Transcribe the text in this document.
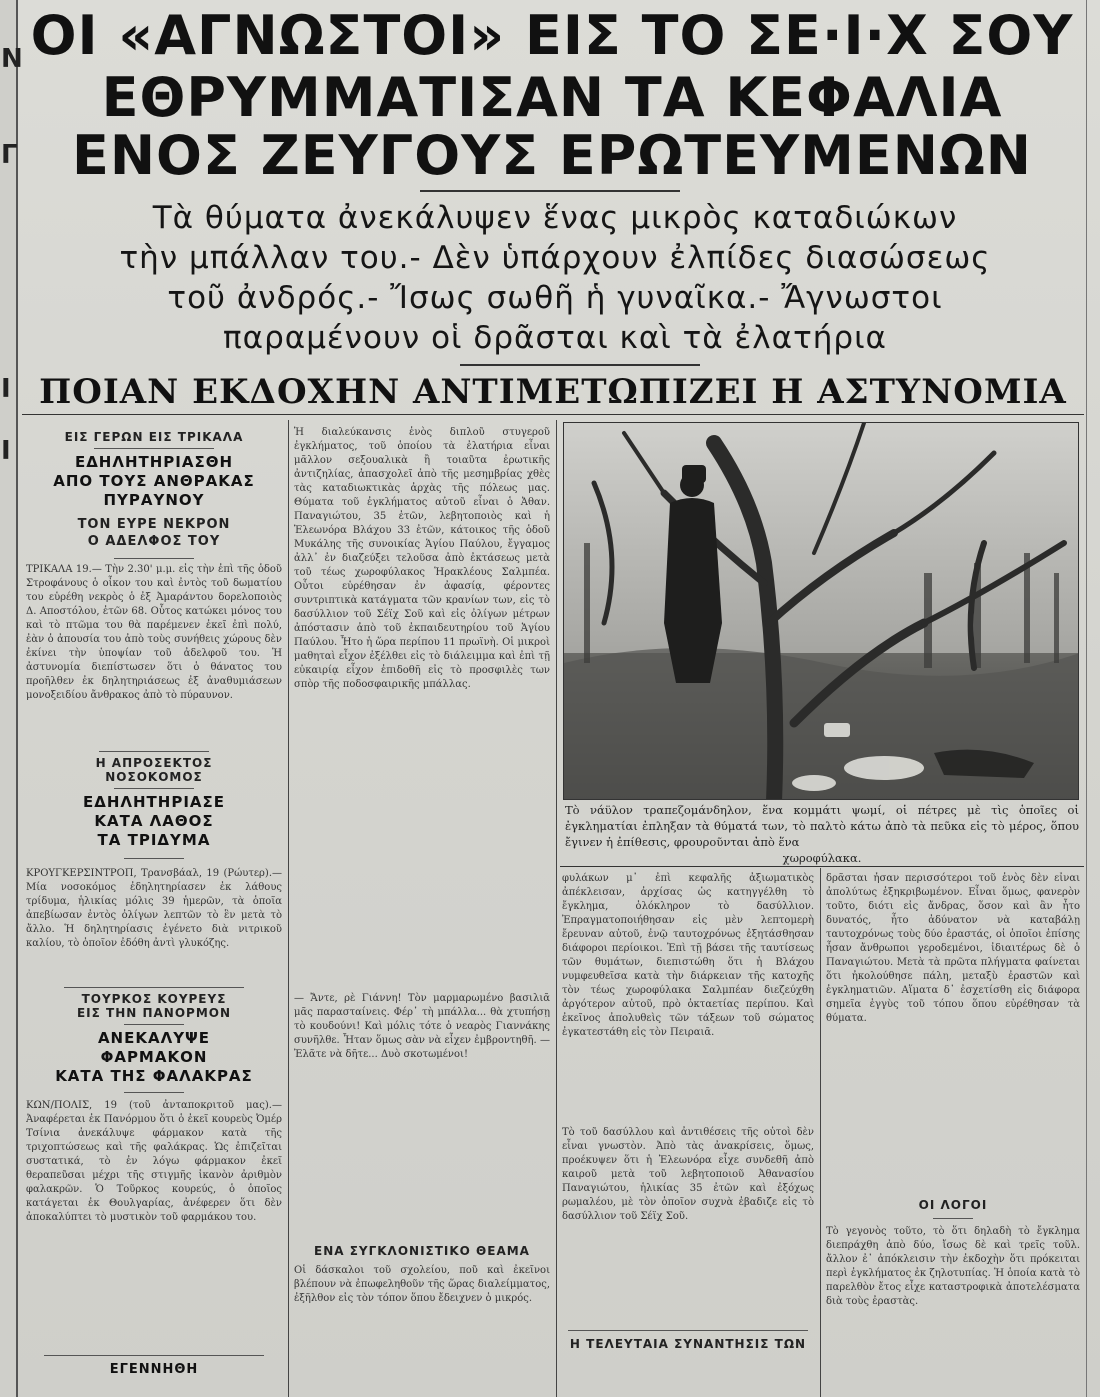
Ν
Γ
Ι
Ι
ΟΙ «ΑΓΝΩΣΤΟΙ» ΕΙΣ ΤΟ ΣΕ·Ι·Χ ΣΟΥ
ΕΘΡΥΜΜΑΤΙΣΑΝ ΤΑ ΚΕΦΑΛΙΑ
ΕΝΟΣ ΖΕΥΓΟΥΣ ΕΡΩΤΕΥΜΕΝΩΝ
Τὰ θύματα ἀνεκάλυψεν ἕνας μικρὸς καταδιώκων
τὴν μπάλλαν του.- Δὲν ὑπάρχουν ἐλπίδες διασώσεως
τοῦ ἀνδρός.- Ἴσως σωθῆ ἡ γυναῖκα.- Ἄγνωστοι
παραμένουν οἱ δρᾶσται καὶ τὰ ἐλατήρια
ΠΟΙΑΝ ΕΚΔΟΧΗΝ ΑΝΤΙΜΕΤΩΠΙΖΕΙ Η ΑΣΤΥΝΟΜΙΑ
ΕΙΣ ΓΕΡΩΝ ΕΙΣ ΤΡΙΚΑΛΑ
ΕΔΗΛΗΤΗΡΙΑΣΘΗ
ΑΠΟ ΤΟΥΣ ΑΝΘΡΑΚΑΣ
ΠΥΡΑΥΝΟΥ
ΤΟΝ ΕΥΡΕ ΝΕΚΡΟΝ
Ο ΑΔΕΛΦΟΣ ΤΟΥ
ΤΡΙΚΑΛΑ 19.— Τὴν 2.30' μ.μ. εἰς τὴν ἐπὶ τῆς ὁδοῦ Στροφάνους ὁ οἶκον του καὶ ἐντὸς τοῦ δωματίου του εὑρέθη νεκρὸς ὁ ἐξ Ἀμαράντου δορελοποιὸς Δ. Αποστόλου, ἐτῶν 68. Οὗτος κατώκει μόνος του καὶ τὸ πτῶμα του θὰ παρέμενεν ἐκεῖ ἐπὶ πολύ, ἐὰν ὁ ἀπουσία του ἀπὸ τοὺς συνήθεις χώρους δὲν ἐκίνει τὴν ὑποψίαν τοῦ ἀδελφοῦ του. Ἡ ἀστυνομία διεπίστωσεν ὅτι ὁ θάνατος του προῆλθεν ἐκ δηλητηριάσεως ἐξ ἀναθυμιάσεων μονοξειδίου ἄνθρακος ἀπὸ τὸ πύραυνον.
Η ΑΠΡΟΣΕΚΤΟΣ
ΝΟΣΟΚΟΜΟΣ
ΕΔΗΛΗΤΗΡΙΑΣΕ
ΚΑΤΑ ΛΑΘΟΣ
ΤΑ ΤΡΙΔΥΜΑ
ΚΡΟΥΓΚΕΡΣΙΝΤΡΟΠ, Τρανσβάαλ, 19 (Ρώυτερ).— Μία νοσοκόμος ἐδηλητηρίασεν ἐκ λάθους τρίδυμα, ἡλικίας μόλις 39 ἡμερῶν, τὰ ὁποῖα ἀπεβίωσαν ἐντὸς ὀλίγων λεπτῶν τὸ ἓν μετὰ τὸ ἄλλο. Ἡ δηλητηρίασις ἐγένετο διὰ νιτρικοῦ καλίου, τὸ ὁποῖον ἐδόθη ἀντὶ γλυκόζης.
ΤΟΥΡΚΟΣ ΚΟΥΡΕΥΣ
ΕΙΣ ΤΗΝ ΠΑΝΟΡΜΟΝ
ΑΝΕΚΑΛΥΨΕ
ΦΑΡΜΑΚΟΝ
ΚΑΤΑ ΤΗΣ ΦΑΛΑΚΡΑΣ
ΚΩΝ/ΠΟΛΙΣ, 19 (τοῦ ἀνταποκριτοῦ μας).— Ἀναφέρεται ἐκ Πανόρμου ὅτι ὁ ἐκεῖ κουρεὺς Ὀμέρ Τσίνια ἀνεκάλυψε φάρμακον κατὰ τῆς τριχοπτώσεως καὶ τῆς φαλάκρας. Ὡς ἐπιζεῖται συστατικά, τὸ ἐν λόγω φάρμακον ἐκεῖ θεραπεῦσαι μέχρι τῆς στιγμῆς ἱκανὸν ἀριθμὸν φαλακρῶν. Ὁ Τοῦρκος κουρεύς, ὁ ὁποῖος κατάγεται ἐκ Θουλγαρίας, ἀνέφερεν ὅτι δὲν ἀποκαλύπτει τὸ μυστικὸν τοῦ φαρμάκου του.
ΕΓΕΝΝΗΘΗ
Ἡ διαλεύκανσις ἑνὸς διπλοῦ στυγεροῦ ἐγκλήματος, τοῦ ὁποίου τὰ ἐλατήρια εἶναι μᾶλλον σεξουαλικὰ ἢ τοιαῦτα ἐρωτικῆς ἀντιζηλίας, ἀπασχολεῖ ἀπὸ τῆς μεσημβρίας χθὲς τὰς καταδιωκτικὰς ἀρχὰς τῆς πόλεως μας. Θύματα τοῦ ἐγκλήματος αὐτοῦ εἶναι ὁ Ἀθαν. Παναγιώτου, 35 ἐτῶν, λεβητοποιὸς καὶ ἡ Ἑλεωνόρα Βλάχου 33 ἐτῶν, κάτοικος τῆς ὁδοῦ Μυκάλης τῆς συνοικίας Ἁγίου Παύλου, ἔγγαμος ἀλλ᾽ ἐν διαζεύξει τελοῦσα ἀπὸ ἐκτάσεως μετὰ τοῦ τέως χωροφύλακος Ἡρακλέους Σαλμπέα. Οὗτοι εὑρέθησαν ἐν ἀφασίᾳ, φέροντες συντριπτικὰ κατάγματα τῶν κρανίων των, εἰς τὸ δασύλλιον τοῦ Σέϊχ Σοῦ καὶ εἰς ὀλίγων μέτρων ἀπόστασιν ἀπὸ τοῦ ἐκπαιδευτηρίου τοῦ Ἁγίου Παύλου. Ἦτο ἡ ὥρα περίπου 11 πρωϊνὴ. Οἱ μικροὶ μαθηταὶ εἶχον ἐξέλθει εἰς τὸ διάλειμμα καὶ ἐπὶ τῇ εὐκαιρίᾳ εἶχον ἐπιδοθῆ εἰς τὸ προσφιλὲς των σπὸρ τῆς ποδοσφαιρικῆς μπάλλας.
— Ἄντε, ρὲ Γιάννη! Τὸν μαρμαρωμένο βασιλιᾶ μᾶς παρασταίνεις. Φέρ᾽ τὴ μπάλλα... θὰ χτυπήσῃ τὸ κουδούνι! Καὶ μόλις τότε ὁ νεαρὸς Γιαννάκης συνῆλθε. Ἦταν ὅμως σὰν νὰ εἶχεν ἐμβροντηθῆ. — Ἐλᾶτε νὰ δῆτε... Δυὸ σκοτωμένοι!
ΕΝΑ ΣΥΓΚΛΟΝΙΣΤΙΚΟ ΘΕΑΜΑ
Οἱ δάσκαλοι τοῦ σχολείου, ποῦ καὶ ἐκεῖνοι βλέπουν νὰ ἐπωφεληθοῦν τῆς ὥρας διαλείμματος, ἐξῆλθον εἰς τὸν τόπον ὅπου ἔδειχνεν ὁ μικρός.
Τὸ νάϋλον τραπεζομάνδηλον, ἕνα κομμάτι ψωμί, οἱ πέτρες μὲ τὶς ὁποῖες οἱ ἐγκληματίαι ἐπληξαν τὰ θύματά των, τὸ παλτὸ κάτω ἀπὸ τὰ πεῦκα εἰς τὸ μέρος, ὅπου ἔγινεν ἡ ἐπίθεσις, φρουροῦνται ἀπὸ ἕνα
χωροφύλακα.
φυλάκων μ᾽ ἐπὶ κεφαλῆς ἀξιωματικὸς ἀπέκλεισαν, ἀρχίσας ὡς κατηγγέλθη τὸ ἔγκλημα, ὁλόκληρον τὸ δασύλλιον. Ἐπραγματοποιήθησαν εἰς μὲν λεπτομερὴ ἔρευναν αὐτοῦ, ἐνῷ ταυτοχρόνως ἐξητάσθησαν διάφοροι περίοικοι. Ἐπὶ τῇ βάσει τῆς ταυτίσεως τῶν θυμάτων, διεπιστώθη ὅτι ἡ Βλάχου νυμφευθεῖσα κατὰ τὴν διάρκειαν τῆς κατοχῆς τὸν τέως χωροφύλακα Σαλμπέαν διεζεύχθη ἀργότερον αὐτοῦ, πρὸ ὀκταετίας περίπου. Καὶ ἐκεῖνος ἀπολυθεὶς τῶν τάξεων τοῦ σώματος ἐγκατεστάθη εἰς τὸν Πειραιᾶ.
Τὸ τοῦ δασύλλου καὶ ἀντιθέσεις τῆς οὐτοὶ δὲν εἶναι γνωστὸν. Ἀπὸ τὰς ἀνακρίσεις, ὅμως, προέκυψεν ὅτι ἡ Ἑλεωνόρα εἶχε συνδεθῆ ἀπὸ καιροῦ μετὰ τοῦ λεβητοποιοῦ Ἀθανασίου Παναγιώτου, ἡλικίας 35 ἐτῶν καὶ ἐξόχως ρωμαλέου, μὲ τὸν ὁποῖον συχνὰ ἐβαδιζε εἰς τὸ δασύλλιον τοῦ Σέϊχ Σοῦ.
Η ΤΕΛΕΥΤΑΙΑ ΣΥΝΑΝΤΗΣΙΣ ΤΩΝ
δρᾶσται ἦσαν περισσότεροι τοῦ ἑνὸς δὲν εἶναι ἀπολύτως ἐξηκριβωμένον. Εἶναι ὅμως, φανερὸν τοῦτο, διότι εἰς ἄνδρας, ὅσον καὶ ἂν ἦτο δυνατός, ἦτο ἀδύνατον νὰ καταβάλῃ ταυτοχρόνως τοὺς δύο ἐραστάς, οἱ ὁποῖοι ἐπίσης ἦσαν ἄνθρωποι γεροδεμένοι, ἰδιαιτέρως δὲ ὁ Παναγιώτου. Μετὰ τὰ πρῶτα πλήγματα φαίνεται ὅτι ἠκολούθησε πάλη, μεταξὺ ἐραστῶν καὶ ἐγκληματιῶν. Αἵματα δ᾽ ἐσχετίσθη εἰς διάφορα σημεῖα ἐγγὺς τοῦ τόπου ὅπου εὑρέθησαν τὰ θύματα.
ΟΙ ΛΟΓΟΙ
Τὸ γεγονὸς τοῦτο, τὸ ὅτι δηλαδὴ τὸ ἔγκλημα διεπράχθη ἀπὸ δύο, ἴσως δὲ καὶ τρεῖς τοῦλ. ἄλλον ἐ᾽ ἀπόκλεισιν τὴν ἐκδοχὴν ὅτι πρόκειται περὶ ἐγκλήματος ἐκ ζηλοτυπίας. Ἡ ὁποία κατὰ τὸ παρελθὸν ἔτος εἶχε καταστροφικὰ ἀποτελέσματα διὰ τοὺς ἐραστὰς.
